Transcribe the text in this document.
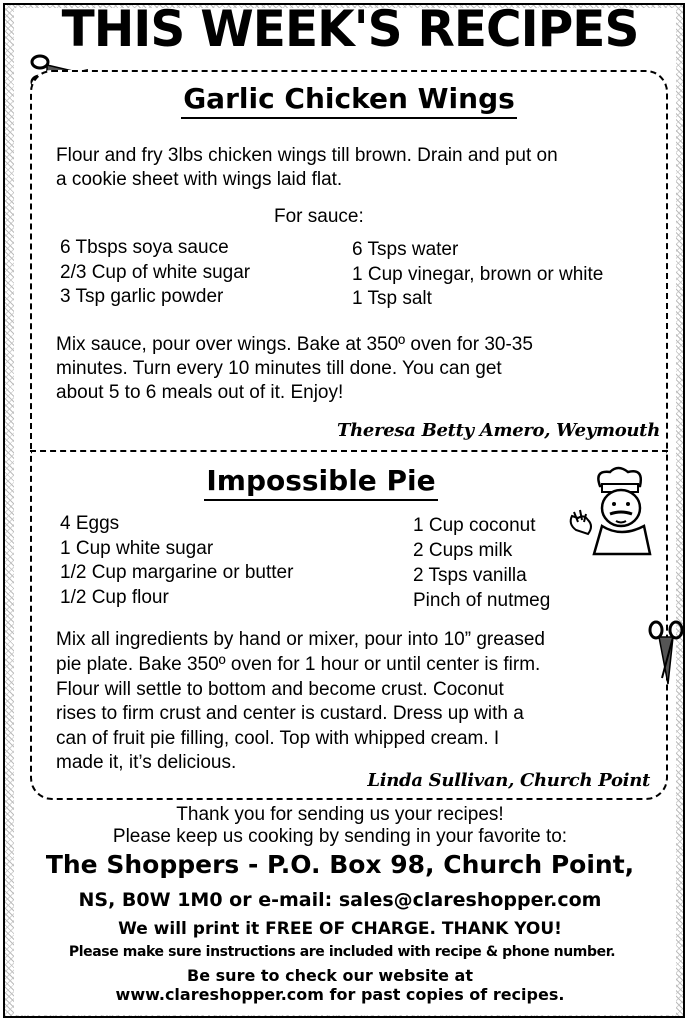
THIS WEEK'S RECIPES
Garlic Chicken Wings
Flour and fry 3lbs chicken wings till brown. Drain and put on
a cookie sheet with wings laid flat.
For sauce:
6 Tbsps soya sauce
2/3 Cup of white sugar
3 Tsp garlic powder
6 Tsps water
1 Cup vinegar, brown or white
1 Tsp salt
Mix sauce, pour over wings. Bake at 350º oven for 30-35
minutes. Turn every 10 minutes till done. You can get
about 5 to 6 meals out of it. Enjoy!
Theresa Betty Amero, Weymouth
Impossible Pie
4 Eggs
1 Cup white sugar
1/2 Cup margarine or butter
1/2 Cup flour
1 Cup coconut
2 Cups milk
2 Tsps vanilla
Pinch of nutmeg
Mix all ingredients by hand or mixer, pour into 10” greased
pie plate. Bake 350º oven for 1 hour or until center is firm.
Flour will settle to bottom and become crust. Coconut
rises to firm crust and center is custard. Dress up with a
can of fruit pie filling, cool. Top with whipped cream. I
made it, it’s delicious.
Linda Sullivan, Church Point
Thank you for sending us your recipes!
Please keep us cooking by sending in your favorite to:
The Shoppers - P.O. Box 98, Church Point,
NS, B0W 1M0 or e-mail: sales@clareshopper.com
We will print it FREE OF CHARGE. THANK YOU!
Please make sure instructions are included with recipe & phone number.
Be sure to check our website at
www.clareshopper.com for past copies of recipes.
